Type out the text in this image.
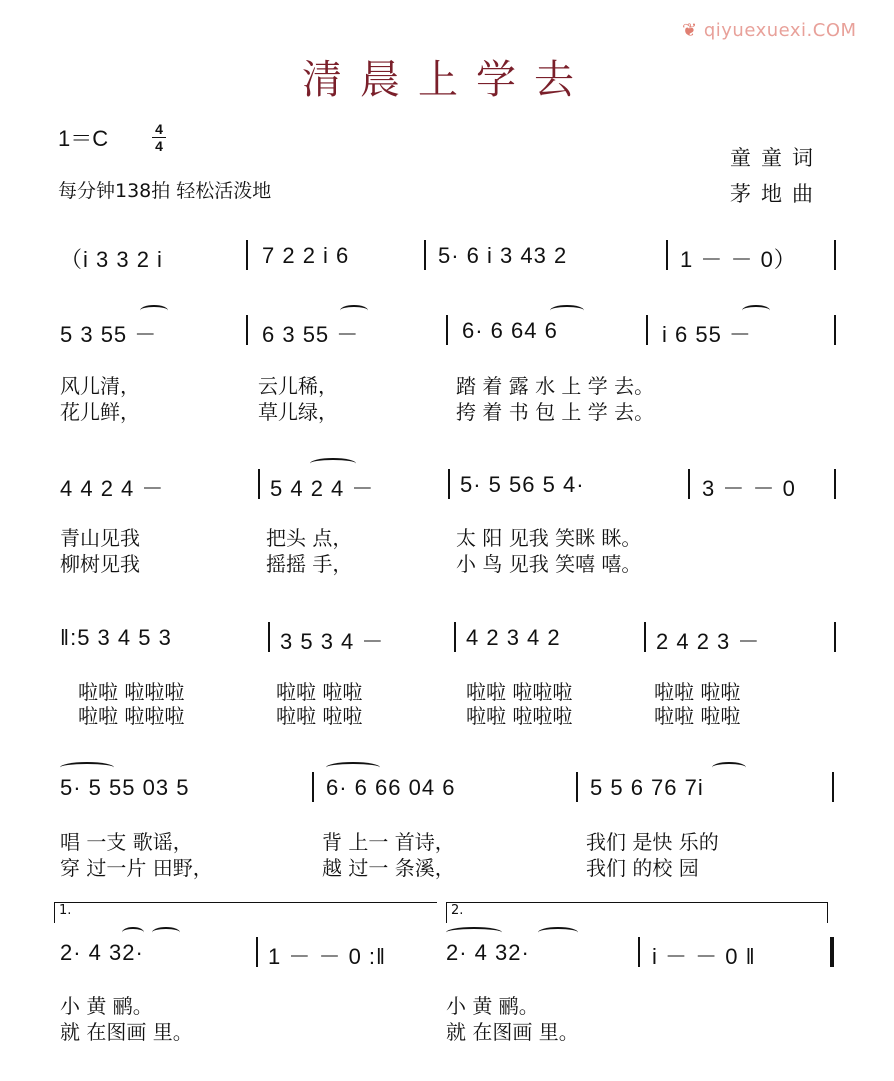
❦ qiyuexuexi.COM
清晨上学去
1＝C	4
4
每分钟138拍 轻松活泼地
童童词
茅地曲
（i 3 3 2 i	7 2 2 i 6	5· 6 i 3 43 2	1 － － 0）
5 3 55 －	6 3 55 －	6· 6 64 6	i 6 55 －
风儿清，	云儿稀，	踏 着 露 水 上 学 去。
花儿鲜，	草儿绿，	挎 着 书 包 上 学 去。
4 4 2 4 －	5 4 2 4 －	5· 5 56 5 4·	3 － － 0
青山见我	把头 点，	太 阳 见我 笑眯 眯。
柳树见我	摇摇 手，	小 鸟 见我 笑嘻 嘻。
‖:5 3 4 5 3	3 5 3 4 －	4 2 3 4 2	2 4 2 3 －
啦啦 啦啦啦	啦啦 啦啦	啦啦 啦啦啦	啦啦 啦啦
啦啦 啦啦啦	啦啦 啦啦	啦啦 啦啦啦	啦啦 啦啦
5· 5 55 03 5	6· 6 66 04 6	5 5 6 76 7i
唱 一支 歌谣，	背 上一 首诗，	我们 是快 乐的
穿 过一片 田野，	越 过一 条溪，	我们 的校 园
1.	2.
2· 4 32·	1 － － 0 :‖	2· 4 32·	i － － 0 ‖
小 黄 鹂。	小 黄 鹂。
就 在图画 里。	就 在图画 里。
